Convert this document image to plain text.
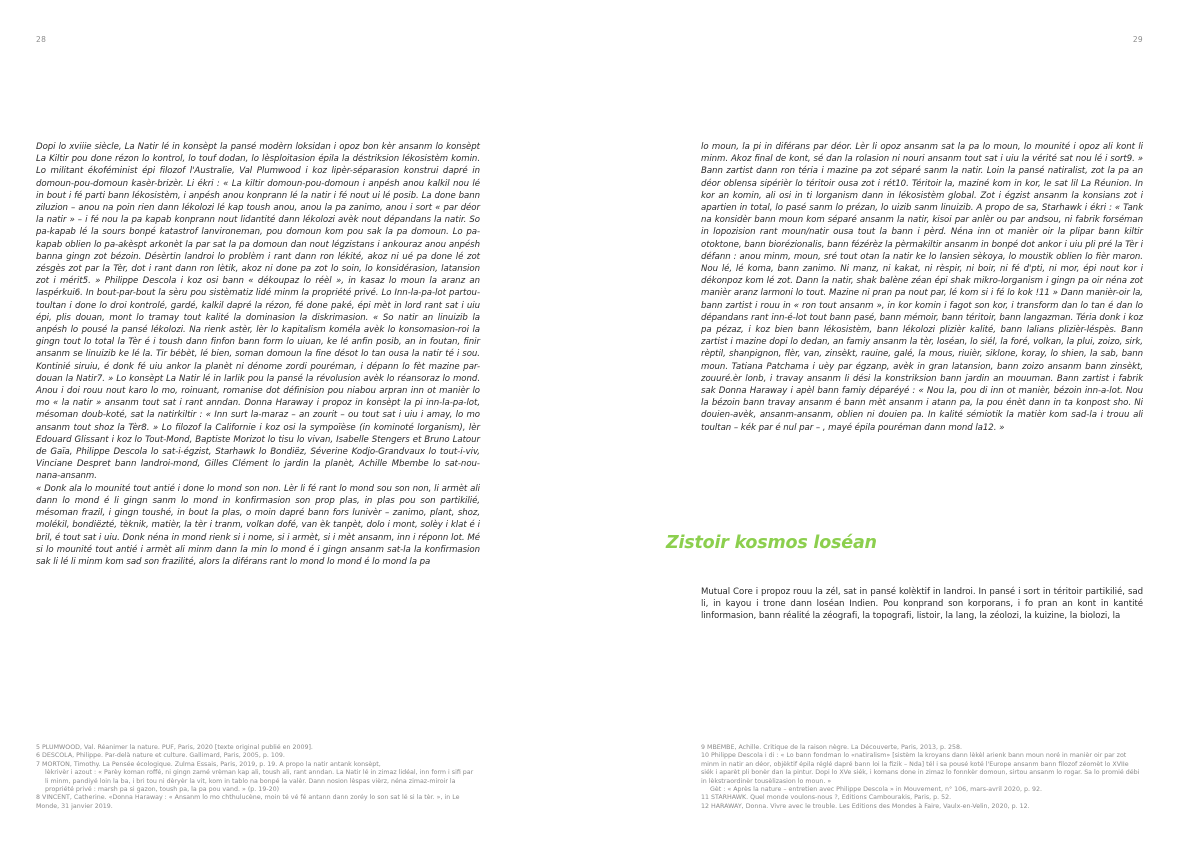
28	29

Dopi lo xviiie siècle, La Natir lé in konsèpt la pansé modèrn loksidan i opoz bon kèr ansanm lo konsèpt La Kiltir pou done rézon lo kontrol, lo touf dodan, lo lèsploitasion épila la déstriksion lékosistèm komin. Lo militant ékoféminist épi filozof l'Australie, Val Plumwood i koz lipèr-séparasion konstrui dapré in domoun-pou-domoun kasèr-brizèr. Li ékri : « La kiltir domoun-pou-domoun i anpésh anou kalkil nou lé in bout i fé parti bann lékosistèm, i anpésh anou konprann lé la natir i fé nout ui lé posib. La done bann ziluzion – anou na poin rien dann lékolozi lé kap toush anou, anou la pa zanimo, anou i sort « par déor la natir » – i fé nou la pa kapab konprann nout lidantité dann lékolozi avèk nout dépandans la natir. So pa-kapab lé la sours bonpé katastrof lanvironeman, pou domoun kom pou sak la pa domoun. Lo pa-kapab oblien lo pa-akèspt arkonèt la par sat la pa domoun dan nout légzistans i ankouraz anou anpésh banna gingn zot bézoin. Désèrtin landroi lo problèm i rant dann ron lékité, akoz ni ué pa done lé zot zésgès zot par la Tèr, dot i rant dann ron lètik, akoz ni done pa zot lo soin, lo konsidérasion, latansion zot i mérit5. » Philippe Descola i koz osi bann « dékoupaz lo réèl », in kasaz lo moun la aranz an laspérkui6. In bout-par-bout la sèru pou sistèmatiz lidé minm la propriété privé. Lo Inn-la-pa-lot partou-toultan i done lo droi kontrolé, gardé, kalkil dapré la rézon, fé done paké, épi mèt in lord rant sat i uiu épi, plis douan, mont lo tramay tout kalité la dominasion la diskrimasion. « So natir an linuizib la anpésh lo pousé la pansé lékolozi. Na rienk astèr, lèr lo kapitalism koméla avèk lo konsomasion-roi la gingn tout lo total la Tèr é i toush dann finfon bann form lo uiuan, ke lé anfin posib, an in foutan, finir ansanm se linuizib ke lé la. Tir bébèt, lé bien, soman domoun la fine désot lo tan ousa la natir té i sou. Kontinié siruiu, é donk fé uiu ankor la planèt ni dénome zordi pouréman, i dépann lo fèt mazine par-douan la Natir7. » Lo konsèpt La Natir lé in larlik pou la pansé la révolusion avèk lo réansoraz lo mond. Anou i doi rouu nout karo lo mo, roinuant, romanise dot définision pou niabou arpran inn ot manièr lo mo « la natir » ansanm tout sat i rant anndan. Donna Haraway i propoz in konsèpt la pi inn-la-pa-lot, mésoman doub-koté, sat la natirkiltir : « Inn surt la-maraz – an zourit – ou tout sat i uiu i amay, lo mo ansanm tout shoz la Tèr8. » Lo filozof la Californie i koz osi la sympoïèse (in kominoté lorganism), lèr Edouard Glissant i koz lo Tout-Mond, Baptiste Morizot lo tisu lo vivan, Isabelle Stengers et Bruno Latour de Gaïa, Philippe Descola lo sat-i-égzist, Starhawk lo Bondiëz, Séverine Kodjo-Grandvaux lo tout-i-viv, Vinciane Despret bann landroi-mond, Gilles Clément lo jardin la planèt, Achille Mbembe lo sat-nou-nana-ansanm.

« Donk ala lo mounité tout antié i done lo mond son non. Lèr li fé rant lo mond sou son non, li armèt ali dann lo mond é li gingn sanm lo mond in konfirmasion son prop plas, in plas pou son partikilié, mésoman frazil, i gingn toushé, in bout la plas, o moin dapré bann fors lunivèr – zanimo, plant, shoz, molékil, bondiëzté, tèknik, matièr, la tèr i tranm, volkan dofé, van èk tanpèt, dolo i mont, solèy i klat é i bril, é tout sat i uiu. Donk néna in mond rienk si i nome, si i armèt, si i mèt ansanm, inn i réponn lot. Mé si lo mounité tout antié i armèt ali minm dann la min lo mond é i gingn ansanm sat-la la konfirmasion sak li lé li minm kom sad son frazilité, alors la diférans rant lo mond lo mond é lo mond la pa

lo moun, la pi in diférans par déor. Lèr li opoz ansanm sat la pa lo moun, lo mounité i opoz ali kont li minm. Akoz final de kont, sé dan la rolasion ni nouri ansanm tout sat i uiu la vérité sat nou lé i sort9. » Bann zartist dann ron téria i mazine pa zot séparé sanm la natir. Loin la pansé natiralist, zot la pa an déor oblensa sipérièr lo téritoir ousa zot i rét10. Téritoir la, maziné kom in kor, le sat lil La Réunion. In kor an komin, ali osi in ti lorganism dann in lékosistèm global. Zot i égzist ansanm la konsians zot i apartien in total, lo pasé sanm lo prézan, lo uizib sanm linuizib. A propo de sa, Starhawk i ékri : « Tank na konsidèr bann moun kom séparé ansanm la natir, kisoi par anlèr ou par andsou, ni fabrik forséman in lopozision rant moun/natir ousa tout la bann i pèrd. Néna inn ot manièr oir la plipar bann kiltir otoktone, bann biorézionalis, bann fézérèz la pèrmakiltir ansanm in bonpé dot ankor i uiu pli pré la Tèr i défann : anou minm, moun, sré tout otan la natir ke lo lansien sèkoya, lo moustik oblien lo fièr maron. Nou lé, lé koma, bann zanimo. Ni manz, ni kakat, ni rèspir, ni boir, ni fé d'pti, ni mor, épi nout kor i dékonpoz kom lé zot. Dann la natir, shak balène zéan épi shak mikro-lorganism i gingn pa oir néna zot manièr aranz larmoni lo tout. Mazine ni pran pa nout par, lé kom si i fé lo kok !11 » Dann manièr-oir la, bann zartist i rouu in « ron tout ansanm », in kor komin i fagot son kor, i transform dan lo tan é dan lo dépandans rant inn-é-lot tout bann pasé, bann mémoir, bann téritoir, bann langazman. Téria donk i koz pa pézaz, i koz bien bann lékosistèm, bann lékolozi plizièr kalité, bann lalians plizièr-léspès. Bann zartist i mazine dopi lo dedan, an famiy ansanm la tèr, loséan, lo siél, la foré, volkan, la plui, zoizo, sirk, rèptil, shanpignon, flèr, van, zinsèkt, rauine, galé, la mous, riuièr, siklone, koray, lo shien, la sab, bann moun. Tatiana Patchama i uèy par égzanp, avèk in gran latansion, bann zoizo ansanm bann zinsèkt, zouuré.èr lonb, i travay ansanm li dési la konstriksion bann jardin an mouuman. Bann zartist i fabrik sak Donna Haraway i apèl bann famiy déparéyé : « Nou la, pou di inn ot manièr, bézoin inn-a-lot. Nou la bézoin bann travay ansanm é bann mèt ansanm i atann pa, la pou énèt dann in ta konpost sho. Ni douien-avèk, ansanm-ansanm, oblien ni douien pa. In kalité sémiotik la matièr kom sad-la i trouu ali toultan – kék par é nul par – , mayé épila pouréman dann mond la12. »

Zistoir kosmos loséan

Mutual Core i propoz rouu la zél, sat in pansé kolèktif in landroi. In pansé i sort in téritoir partikilié, sad li, in kayou i trone dann loséan Indien. Pou konprand son korporans, i fo pran an kont in kantité linformasion, bann réalité la zéografi, la topografi, listoir, la lang, la zéolozi, la kuizine, la biolozi, la

5 PLUMWOOD, Val. Réanimer la nature. PUF, Paris, 2020 [texte original publié en 2009].

6 DESCOLA, Philippe. Par-delà nature et culture. Gallimard, Paris, 2005, p. 109.

7 MORTON, Timothy. La Pensée écologique. Zulma Essais, Paris, 2019, p. 19. A propo la natir antank konsèpt,

lèkrivèr i azout : « Parèy koman roffé, ni gingn zamé vrèman kap ali, toush ali, rant anndan. La Natir lé in zimaz lidéal, inn form i sifi par li minm, pandiyé loin la ba, i bri tou ni dèryèr la vit, kom in tablo na bonpé la valèr. Dann nosion lèspas vièrz, néna zimaz-miroir la propriété privé : marsh pa si gazon, toush pa, la pa pou vand. » (p. 19-20)

8 VINCENT, Catherine. «Donna Haraway : « Ansanm lo mo chthulucène, moin té vé fé antann dann zoréy lo son sat lé si la tèr. », in Le Monde, 31 janvier 2019.

9 MBEMBE, Achille. Critique de la raison nègre. La Découverte, Paris, 2013, p. 258.

10 Philippe Descola i di : « Lo bann fondman lo «natiralism» [sistèm la kroyans dann lèkèl arienk bann moun noré in manièr oir par zot minm in natir an déor, objèktif épila réglé dapré bann loi la fizik – Nda] tél i sa pousé koté l'Europe ansanm bann filozof zéomèt lo XVIIe siék i aparèt pli bonèr dan la pintur. Dopi lo XVe siék, i komans done in zimaz lo fonnkèr domoun, sirtou ansanm lo rogar. Sa lo promié débi in lèkstraordinèr tousèlizasion lo moun. »

Gèt : « Après la nature – entretien avec Philippe Descola » in Mouvement, n° 106, mars-avril 2020, p. 92.

11 STARHAWK. Quel monde voulons-nous ?, Editions Cambourakis, Paris, p. 52.

12 HARAWAY, Donna. Vivre avec le trouble. Les Editions des Mondes à Faire, Vaulx-en-Velin, 2020, p. 12.
